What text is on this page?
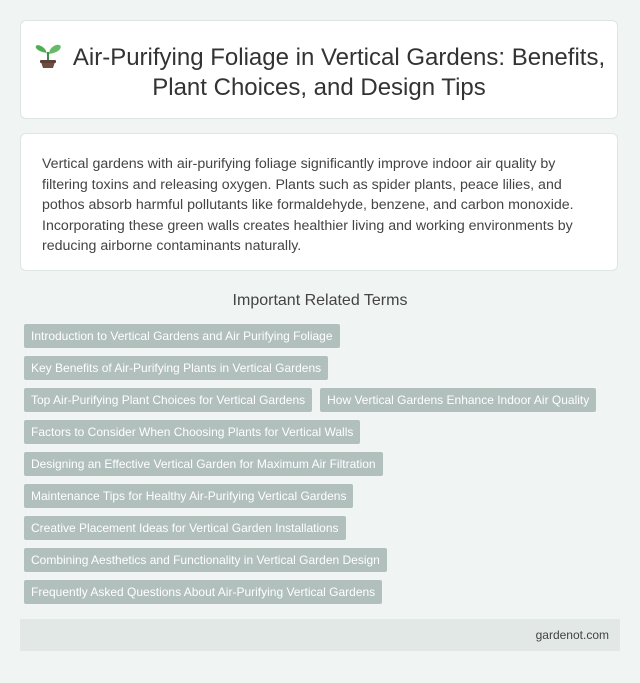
Air-Purifying Foliage in Vertical Gardens: Benefits, Plant Choices, and Design Tips

Vertical gardens with air-purifying foliage significantly improve indoor air quality by filtering toxins and releasing oxygen. Plants such as spider plants, peace lilies, and pothos absorb harmful pollutants like formaldehyde, benzene, and carbon monoxide. Incorporating these green walls creates healthier living and working environments by reducing airborne contaminants naturally.

Important Related Terms
Introduction to Vertical Gardens and Air Purifying Foliage
Key Benefits of Air-Purifying Plants in Vertical Gardens
Top Air-Purifying Plant Choices for Vertical Gardens	How Vertical Gardens Enhance Indoor Air Quality
Factors to Consider When Choosing Plants for Vertical Walls
Designing an Effective Vertical Garden for Maximum Air Filtration
Maintenance Tips for Healthy Air-Purifying Vertical Gardens
Creative Placement Ideas for Vertical Garden Installations
Combining Aesthetics and Functionality in Vertical Garden Design
Frequently Asked Questions About Air-Purifying Vertical Gardens
gardenot.com
